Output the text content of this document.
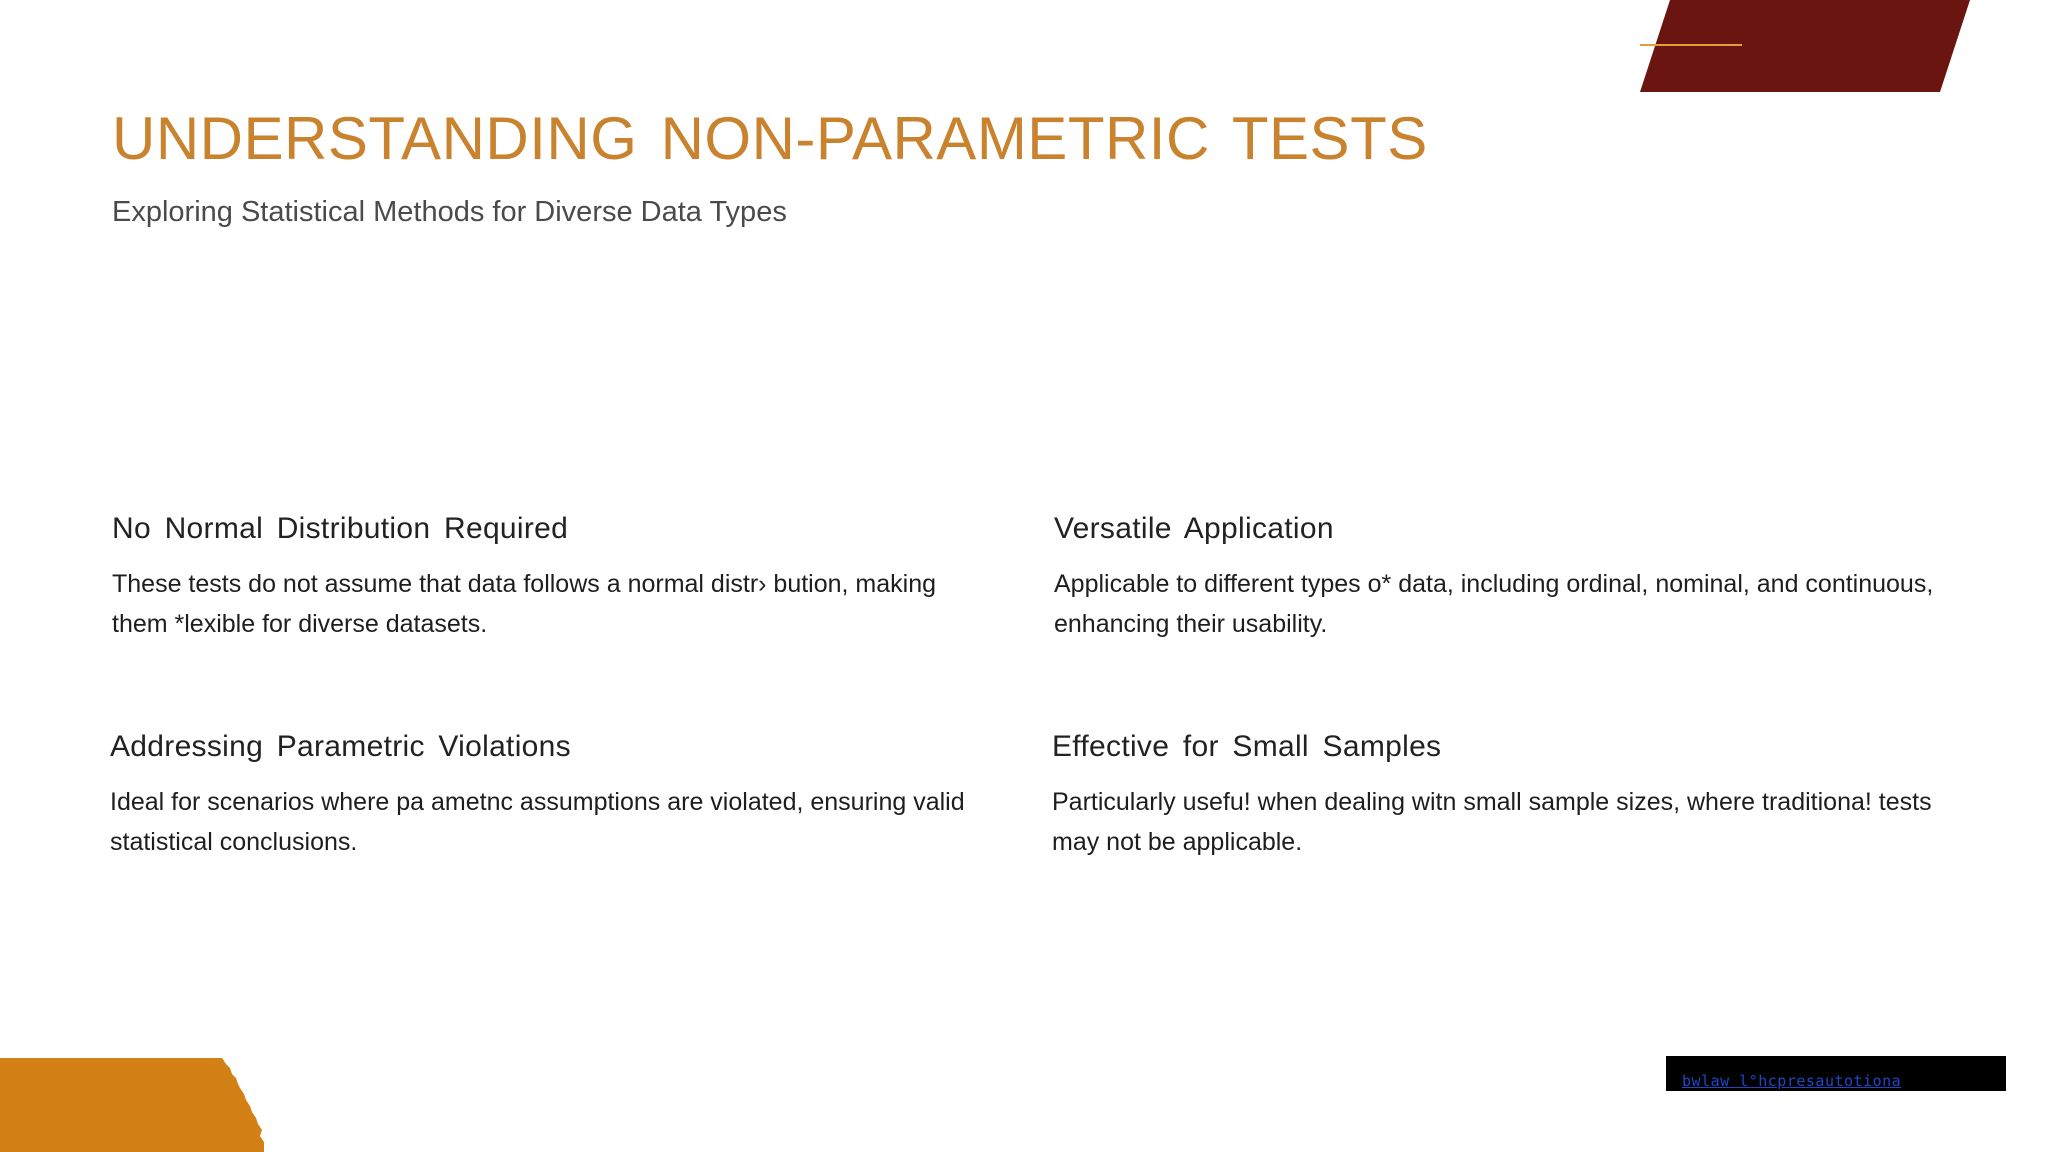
UNDERSTANDING NON-PARAMETRIC TESTS

Exploring Statistical Methods for Diverse Data Types

No Normal Distribution Required

These tests do not assume that data follows a normal distr› bution, making them *lexible for diverse datasets.

Versatile Application

Applicable to different types o* data, including ordinal, nominal, and continuous, enhancing their usability.

Addressing Parametric Violations

Ideal for scenarios where pa ametnc assumptions are violated, ensuring valid statistical conclusions.

Effective for Small Samples

Particularly usefu! when dealing witn small sample sizes, where traditiona! tests may not be applicable.

bwlaw l°hcpresautotiona
